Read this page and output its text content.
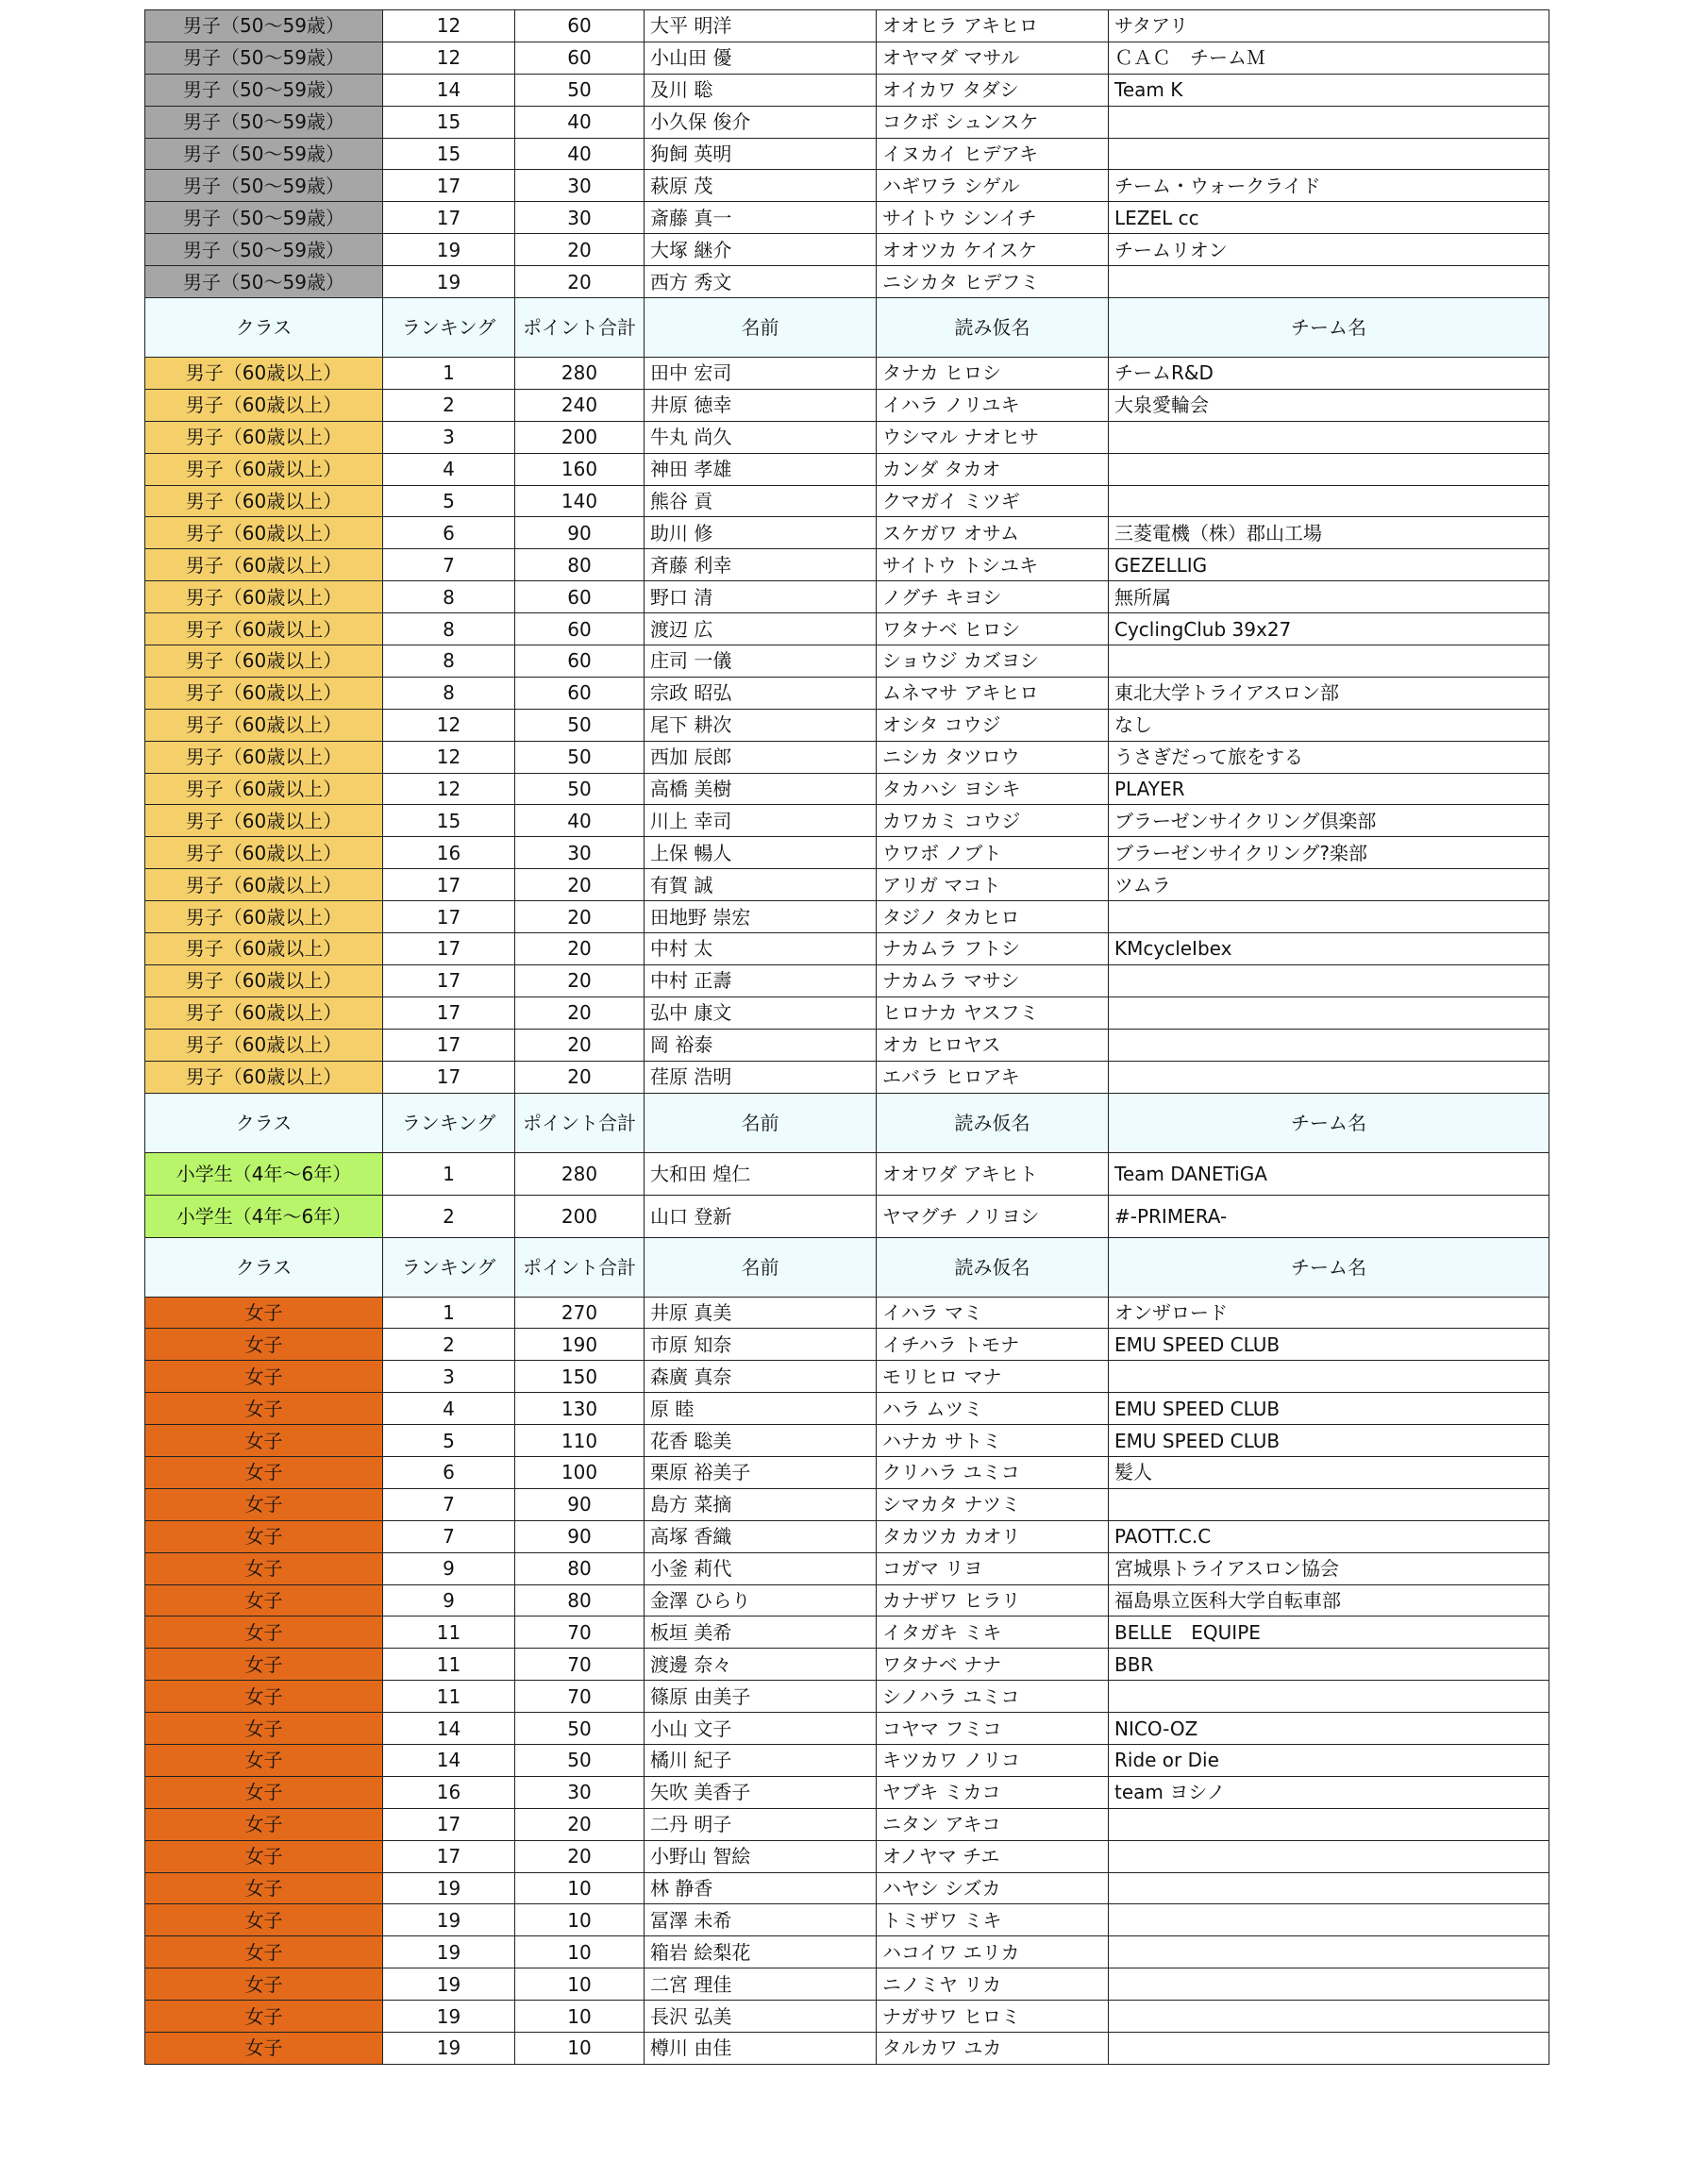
男子（50〜59歳）	12	60	大平 明洋	オオヒラ アキヒロ	サタアリ
男子（50〜59歳）	12	60	小山田 優	オヤマダ マサル	ＣＡＣ　チームＭ
男子（50〜59歳）	14	50	及川 聡	オイカワ タダシ	Team K
男子（50〜59歳）	15	40	小久保 俊介	コクボ シュンスケ	
男子（50〜59歳）	15	40	狗飼 英明	イヌカイ ヒデアキ	
男子（50〜59歳）	17	30	萩原 茂	ハギワラ シゲル	チーム・ウォークライド
男子（50〜59歳）	17	30	斎藤 真一	サイトウ シンイチ	LEZEL cc
男子（50〜59歳）	19	20	大塚 継介	オオツカ ケイスケ	チームリオン
男子（50〜59歳）	19	20	西方 秀文	ニシカタ ヒデフミ	
クラス	ランキング	ポイント合計	名前	読み仮名	チーム名
男子（60歳以上）	1	280	田中 宏司	タナカ ヒロシ	チームR&D
男子（60歳以上）	2	240	井原 徳幸	イハラ ノリユキ	大泉愛輪会
男子（60歳以上）	3	200	牛丸 尚久	ウシマル ナオヒサ	
男子（60歳以上）	4	160	神田 孝雄	カンダ タカオ	
男子（60歳以上）	5	140	熊谷 貢	クマガイ ミツギ	
男子（60歳以上）	6	90	助川 修	スケガワ オサム	三菱電機（株）郡山工場
男子（60歳以上）	7	80	斉藤 利幸	サイトウ トシユキ	GEZELLIG
男子（60歳以上）	8	60	野口 清	ノグチ キヨシ	無所属
男子（60歳以上）	8	60	渡辺 広	ワタナベ ヒロシ	CyclingClub 39x27
男子（60歳以上）	8	60	庄司 一儀	ショウジ カズヨシ	
男子（60歳以上）	8	60	宗政 昭弘	ムネマサ アキヒロ	東北大学トライアスロン部
男子（60歳以上）	12	50	尾下 耕次	オシタ コウジ	なし
男子（60歳以上）	12	50	西加 辰郎	ニシカ タツロウ	うさぎだって旅をする
男子（60歳以上）	12	50	高橋 美樹	タカハシ ヨシキ	PLAYER
男子（60歳以上）	15	40	川上 幸司	カワカミ コウジ	ブラーゼンサイクリング倶楽部
男子（60歳以上）	16	30	上保 暢人	ウワボ ノブト	ブラーゼンサイクリング?楽部
男子（60歳以上）	17	20	有賀 誠	アリガ マコト	ツムラ
男子（60歳以上）	17	20	田地野 崇宏	タジノ タカヒロ	
男子（60歳以上）	17	20	中村 太	ナカムラ フトシ	KMcycleIbex
男子（60歳以上）	17	20	中村 正壽	ナカムラ マサシ	
男子（60歳以上）	17	20	弘中 康文	ヒロナカ ヤスフミ	
男子（60歳以上）	17	20	岡 裕泰	オカ ヒロヤス	
男子（60歳以上）	17	20	荏原 浩明	エバラ ヒロアキ	
クラス	ランキング	ポイント合計	名前	読み仮名	チーム名
小学生（4年〜6年）	1	280	大和田 煌仁	オオワダ アキヒト	Team DANETiGA
小学生（4年〜6年）	2	200	山口 登新	ヤマグチ ノリヨシ	#-PRIMERA-
クラス	ランキング	ポイント合計	名前	読み仮名	チーム名
女子	1	270	井原 真美	イハラ マミ	オンザロード
女子	2	190	市原 知奈	イチハラ トモナ	EMU SPEED CLUB
女子	3	150	森廣 真奈	モリヒロ マナ	
女子	4	130	原 睦	ハラ ムツミ	EMU SPEED CLUB
女子	5	110	花香 聡美	ハナカ サトミ	EMU SPEED CLUB
女子	6	100	栗原 裕美子	クリハラ ユミコ	髪人
女子	7	90	島方 菜摘	シマカタ ナツミ	
女子	7	90	高塚 香織	タカツカ カオリ	PAOTT.C.C
女子	9	80	小釜 莉代	コガマ リヨ	宮城県トライアスロン協会
女子	9	80	金澤 ひらり	カナザワ ヒラリ	福島県立医科大学自転車部
女子	11	70	板垣 美希	イタガキ ミキ	BELLE　EQUIPE
女子	11	70	渡邊 奈々	ワタナベ ナナ	BBR
女子	11	70	篠原 由美子	シノハラ ユミコ	
女子	14	50	小山 文子	コヤマ フミコ	NICO-OZ
女子	14	50	橘川 紀子	キツカワ ノリコ	Ride or Die
女子	16	30	矢吹 美香子	ヤブキ ミカコ	team ヨシノ
女子	17	20	二丹 明子	ニタン アキコ	
女子	17	20	小野山 智絵	オノヤマ チエ	
女子	19	10	林 静香	ハヤシ シズカ	
女子	19	10	冨澤 未希	トミザワ ミキ	
女子	19	10	箱岩 絵梨花	ハコイワ エリカ	
女子	19	10	二宮 理佳	ニノミヤ リカ	
女子	19	10	長沢 弘美	ナガサワ ヒロミ	
女子	19	10	樽川 由佳	タルカワ ユカ	
